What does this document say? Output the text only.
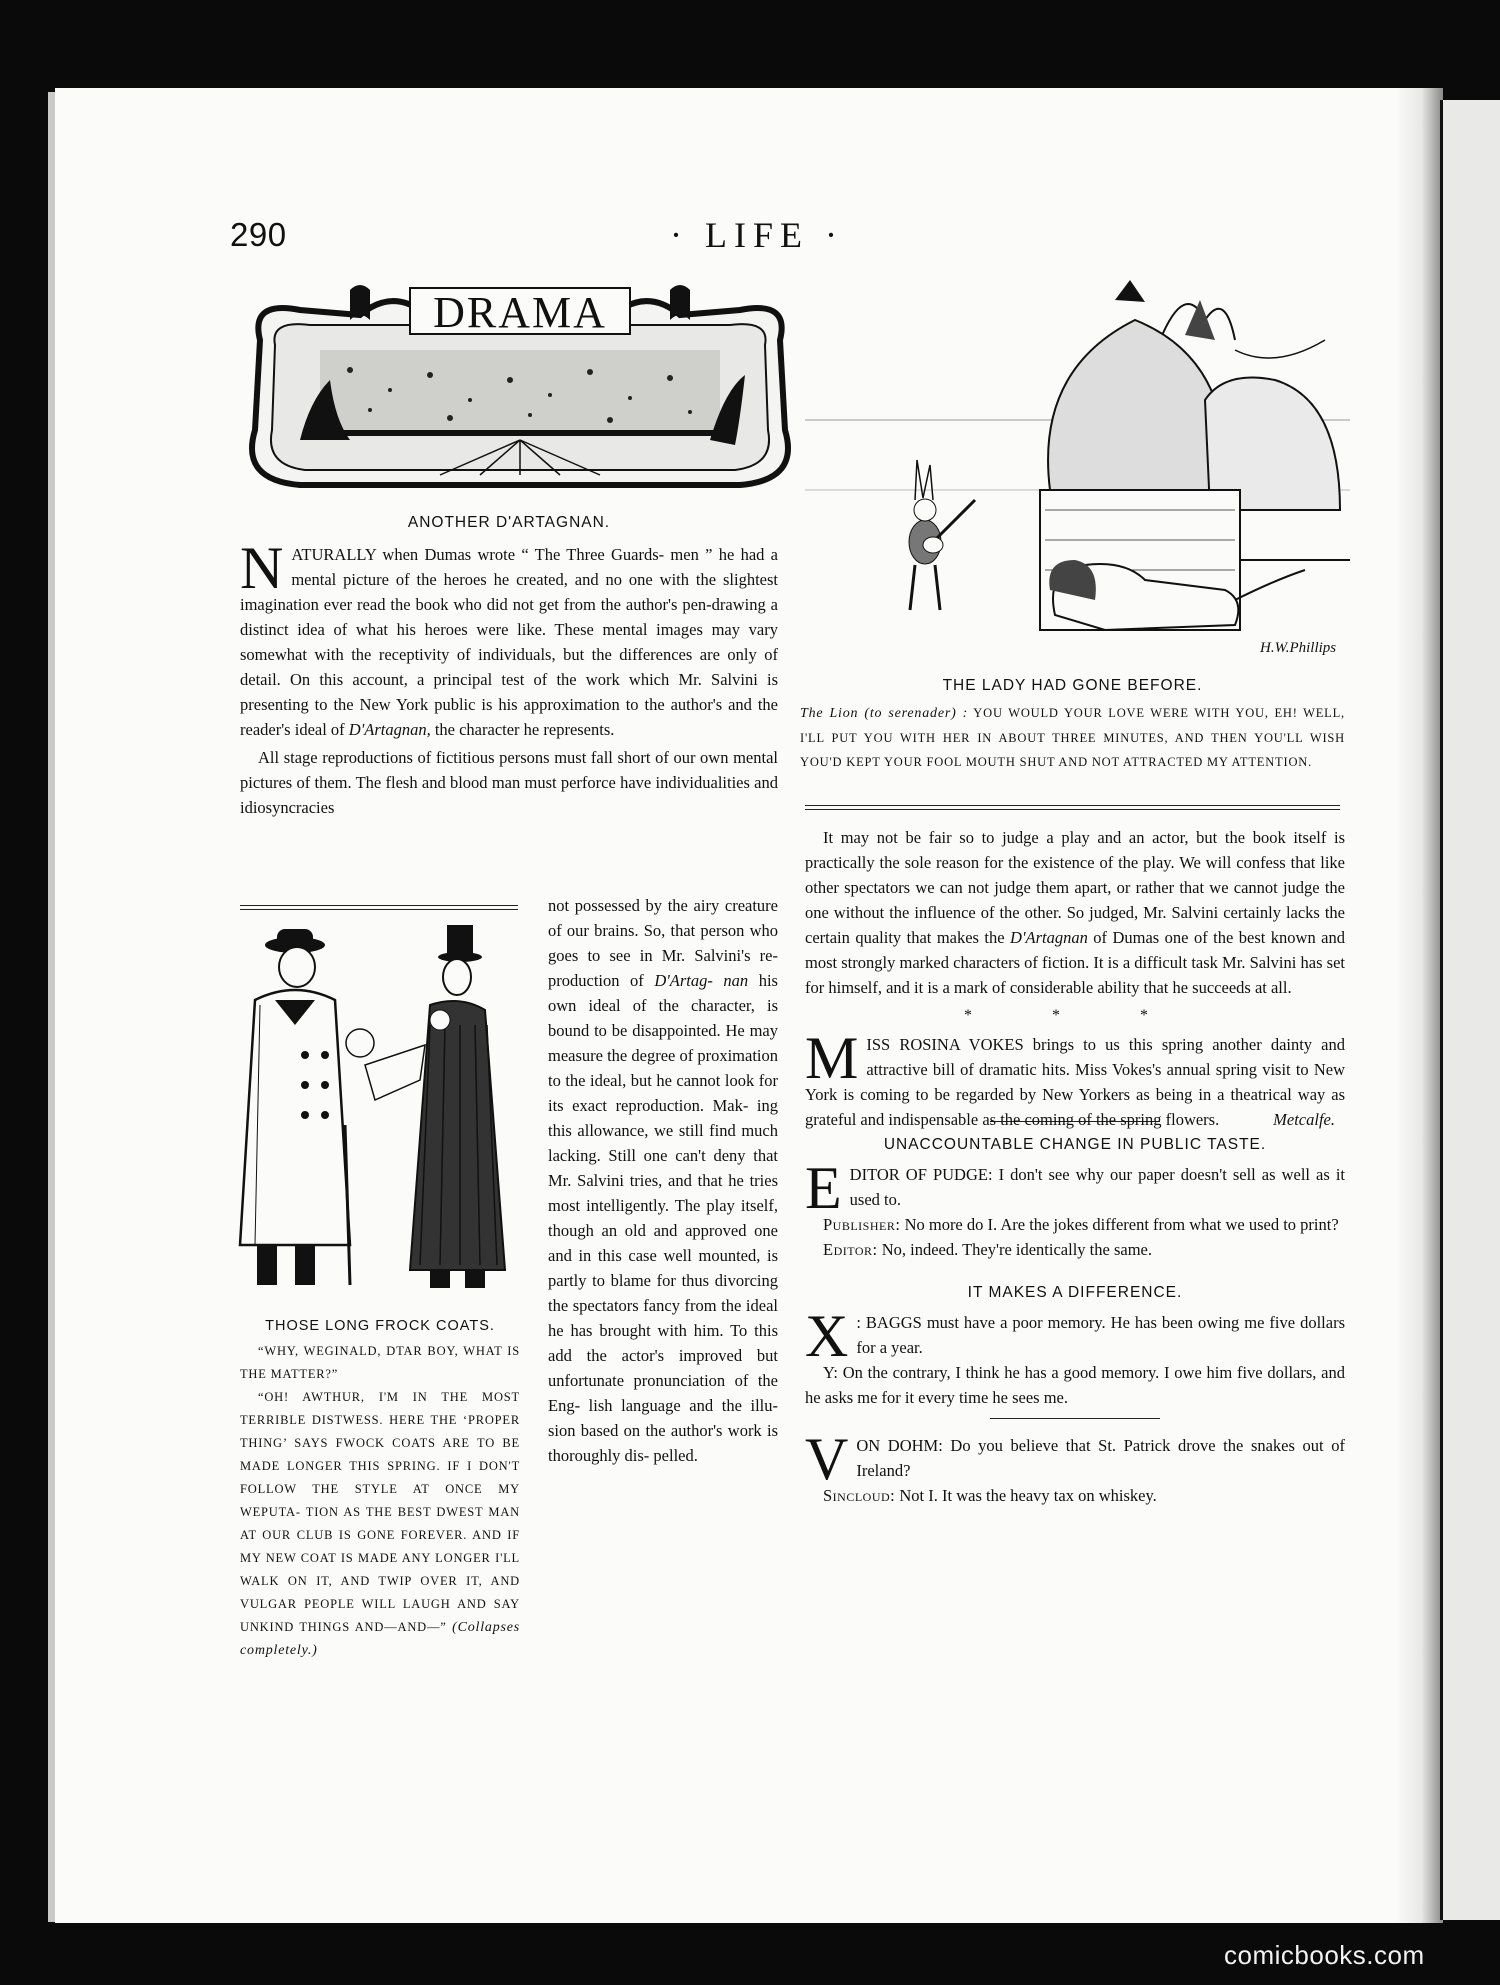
290	· LIFE ·
DRAMA
ANOTHER D'ARTAGNAN.
NATURALLY when Dumas wrote “ The Three Guards- men ” he had a mental picture of the heroes he created, and no one with the slightest imagination ever read the book who did not get from the author's pen-drawing a distinct idea of what his heroes were like. These mental images may vary somewhat with the receptivity of individuals, but the differences are only of detail. On this account, a principal test of the work which Mr. Salvini is presenting to the New York public is his approximation to the author's and the reader's ideal of D'Artagnan, the character he represents.
All stage reproductions of fictitious persons must fall short of our own mental pictures of them. The flesh and blood man must perforce have individualities and idiosyncracies
THOSE LONG FROCK COATS.
“WHY, WEGINALD, DTAR BOY, WHAT IS THE MATTER?”
“OH! AWTHUR, I'M IN THE MOST TERRIBLE DISTWESS. HERE THE ‘PROPER THING’ SAYS FWOCK COATS ARE TO BE MADE LONGER THIS SPRING. IF I DON'T FOLLOW THE STYLE AT ONCE MY WEPUTA- TION AS THE BEST DWEST MAN AT OUR CLUB IS GONE FOREVER. AND IF MY NEW COAT IS MADE ANY LONGER I'LL WALK ON IT, AND TWIP OVER IT, AND VULGAR PEOPLE WILL LAUGH AND SAY UNKIND THINGS AND—AND—” (Collapses completely.)
not possessed by the airy creature of our brains. So, that person who goes to see in Mr. Salvini's re- production of D'Artag- nan his own ideal of the character, is bound to be disappointed. He may measure the degree of proximation to the ideal, but he cannot look for its exact reproduction. Mak- ing this allowance, we still find much lacking. Still one can't deny that Mr. Salvini tries, and that he tries most intelligently. The play itself, though an old and approved one and in this case well mounted, is partly to blame for thus divorcing the spectators fancy from the ideal he has brought with him. To this add the actor's improved but unfortunate pronunciation of the Eng- lish language and the illu- sion based on the author's work is thoroughly dis- pelled.
H.W.Phillips
THE LADY HAD GONE BEFORE.
The Lion (to serenader) : YOU WOULD YOUR LOVE WERE WITH YOU, EH! WELL, I'LL PUT YOU WITH HER IN ABOUT THREE MINUTES, AND THEN YOU'LL WISH YOU'D KEPT YOUR FOOL MOUTH SHUT AND NOT ATTRACTED MY ATTENTION.
It may not be fair so to judge a play and an actor, but the book itself is practically the sole reason for the existence of the play. We will confess that like other spectators we can not judge them apart, or rather that we cannot judge the one without the influence of the other. So judged, Mr. Salvini certainly lacks the certain quality that makes the D'Artagnan of Dumas one of the best known and most strongly marked characters of fiction. It is a difficult task Mr. Salvini has set for himself, and it is a mark of considerable ability that he succeeds at all.
* * *
MISS ROSINA VOKES brings to us this spring another dainty and attractive bill of dramatic hits. Miss Vokes's annual spring visit to New York is coming to be regarded by New Yorkers as being in a theatrical way as grateful and indispensable as the coming of the spring flowers.	Metcalfe.
UNACCOUNTABLE CHANGE IN PUBLIC TASTE.
EDITOR OF PUDGE: I don't see why our paper doesn't sell as well as it used to.
Publisher: No more do I. Are the jokes different from what we used to print?
Editor: No, indeed. They're identically the same.
IT MAKES A DIFFERENCE.
X : BAGGS must have a poor memory. He has been owing me five dollars for a year.
Y: On the contrary, I think he has a good memory. I owe him five dollars, and he asks me for it every time he sees me.
VON DOHM: Do you believe that St. Patrick drove the snakes out of Ireland?
Sincloud: Not I. It was the heavy tax on whiskey.
comicbooks.com
